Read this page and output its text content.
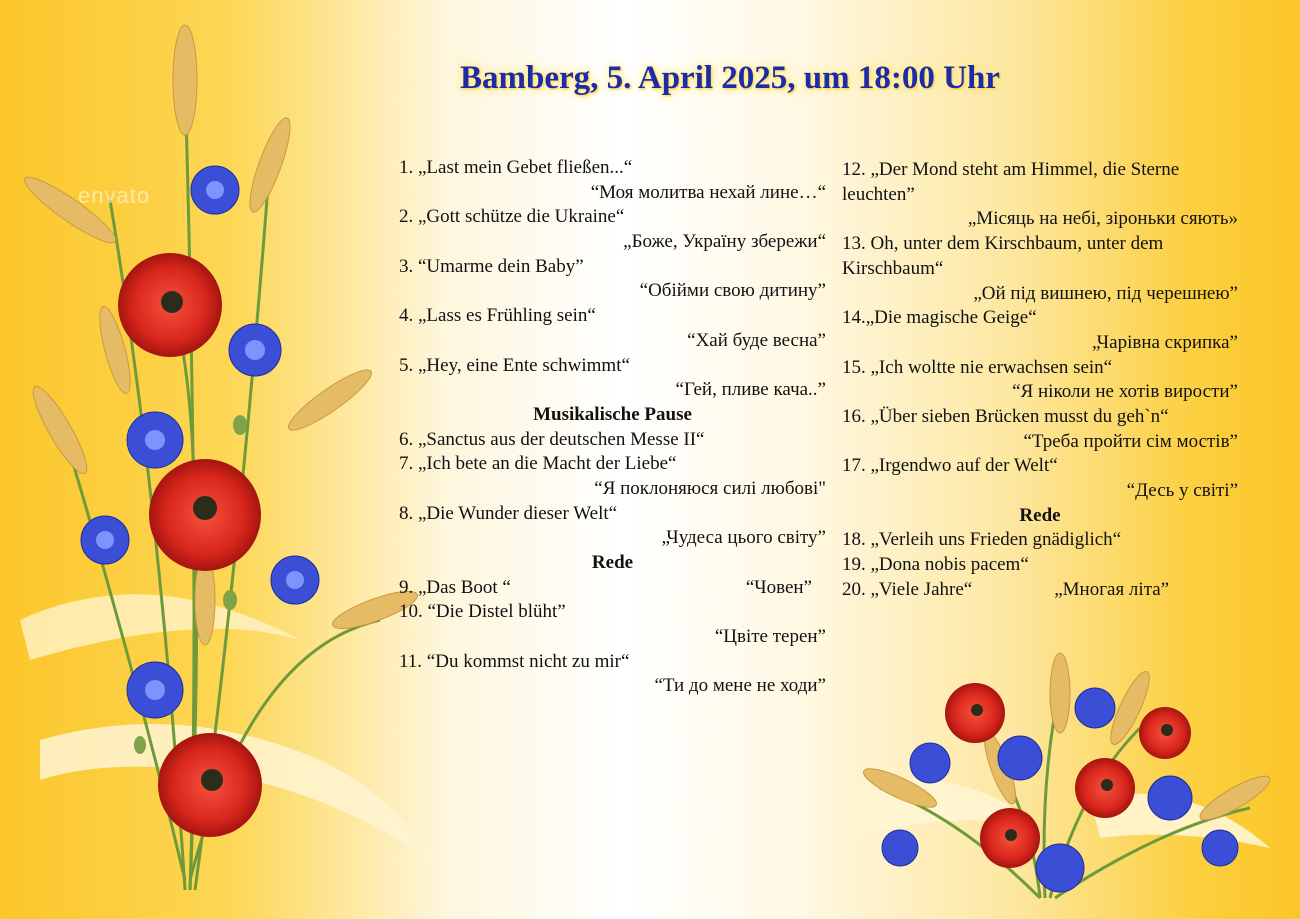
envato
Bamberg, 5. April 2025, um 18:00 Uhr
1. „Last mein Gebet fließen...“
“Моя молитва нехай лине…“
2. „Gott schütze die Ukraine“
„Боже, Україну збережи“
3. “Umarme dein Baby”
“Обійми свою дитину”
4. „Lass es Frühling sein“
“Хай буде весна”
5. „Hey, eine Ente schwimmt“
“Гей, пливе кача..”
Musikalische Pause
6. „Sanctus aus der deutschen Messe II“
7. „Ich bete an die Macht der Liebe“
“Я поклоняюся силі любові"
8. „Die Wunder dieser Welt“
„Чудеса цього світу”
Rede
9. „Das Boot “	“Човен”
10. “Die Distel blüht”
“Цвіте терен”
11. “Du kommst nicht zu mir“
“Ти до мене не ходи”
12. „Der Mond steht am Himmel, die Sterne leuchten”
„Місяць на небі, зіроньки сяють»
13. Oh, unter dem Kirschbaum, unter dem Kirschbaum“
„Ой під вишнею, під черешнею”
14.„Die magische Geige“
„Чарівна скрипка”
15. „Ich woltte nie erwachsen sein“
“Я ніколи не хотів вирости”
16. „Über sieben Brücken musst du geh`n“
“Треба пройти сім мостів”
17. „Irgendwo auf der Welt“
“Десь у світі”
Rede
18. „Verleih uns Frieden gnädiglich“
19. „Dona nobis pacem“
20. „Viele Jahre“	„Многая літа”
